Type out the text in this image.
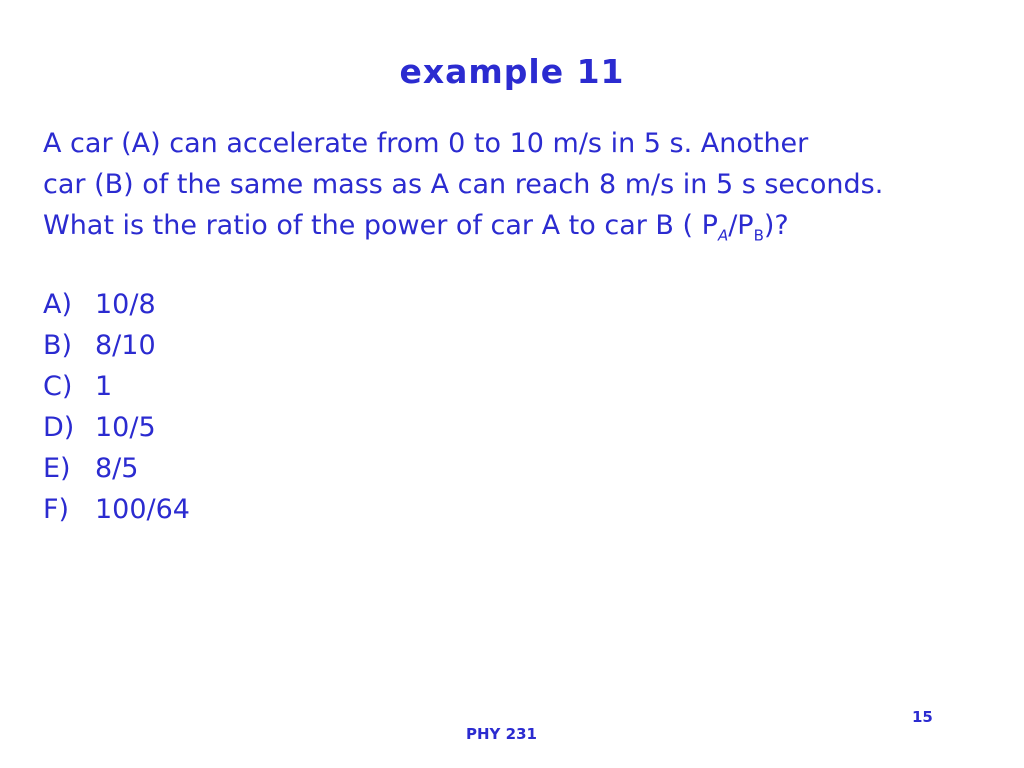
example 11
A car (A) can accelerate from 0 to 10 m/s in 5 s. Another
car (B) of the same mass as A can reach 8 m/s in 5 s seconds.
What is the ratio of the power of car A to car B ( $P_A/P_B$)?
A) 10/8
B) 8/10
C) 1
D) 10/5
E) 8/5
F) 100/64
15
PHY 231
